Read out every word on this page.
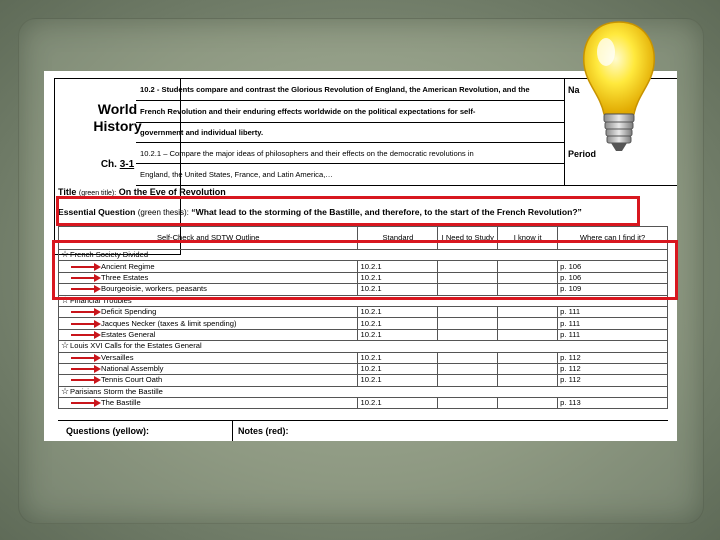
World
History
Ch. 3-1
10.2 - Students compare and contrast the Glorious Revolution of England, the American Revolution, and the
French Revolution and their enduring effects worldwide on the political expectations for self-
government and individual liberty.
10.2.1 – Compare the major ideas of philosophers and their effects on the democratic revolutions in
England, the United States, France, and Latin America,…
Na
Period
Title (green title): On the Eve of Revolution
Essential Question (green thesis): “What lead to the storming of the Bastille, and therefore, to the start of the French Revolution?”
Self-Check and SDTW Outline	Standard	I Need to Study	I know it	Where can I find it?
☆French Society Divided				
Ancient Regime	10.2.1			p. 106
Three Estates	10.2.1			p. 106
Bourgeoisie, workers, peasants	10.2.1			p. 109
☆Financial Troubles				
Deficit Spending	10.2.1			p. 111
Jacques Necker (taxes & limit spending)	10.2.1			p. 111
Estates General	10.2.1			p. 111
☆Louis XVI Calls for the Estates General				
Versailles	10.2.1			p. 112
National Assembly	10.2.1			p. 112
Tennis Court Oath	10.2.1			p. 112
☆Parisians Storm the Bastille				
The Bastille	10.2.1			p. 113
Questions (yellow):	Notes (red):
